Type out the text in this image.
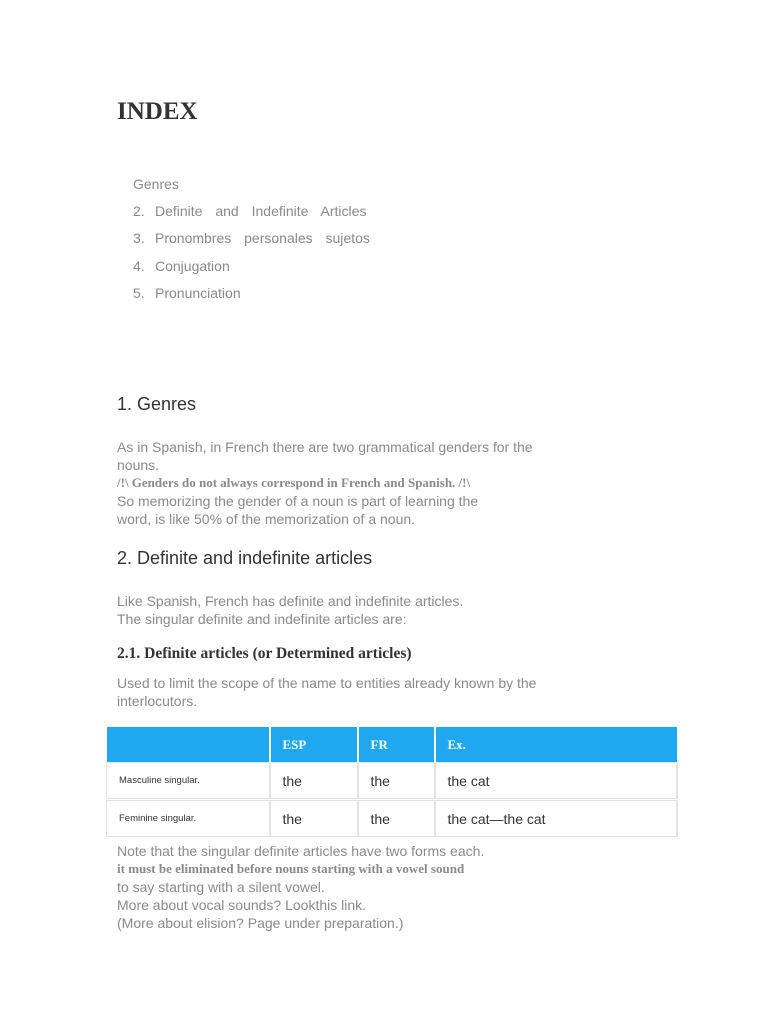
INDEX
Genres
2. Definite and Indefinite Articles
3. Pronombres personales sujetos
4. Conjugation
5. Pronunciation
1. Genres
As in Spanish, in French there are two grammatical genders for the
nouns.
/!\ Genders do not always correspond in French and Spanish. /!\
So memorizing the gender of a noun is part of learning the
word, is like 50% of the memorization of a noun.
2. Definite and indefinite articles
Like Spanish, French has definite and indefinite articles.
The singular definite and indefinite articles are:
2.1. Definite articles (or Determined articles)
Used to limit the scope of the name to entities already known by the
interlocutors.
	ESP	FR	Ex.
Masculine singular.	the	the	the cat

Feminine singular.	the	the	the cat—the cat
Note that the singular definite articles have two forms each.
it must be eliminated before nouns starting with a vowel sound
to say starting with a silent vowel.
More about vocal sounds? Lookthis link.
(More about elision? Page under preparation.)
